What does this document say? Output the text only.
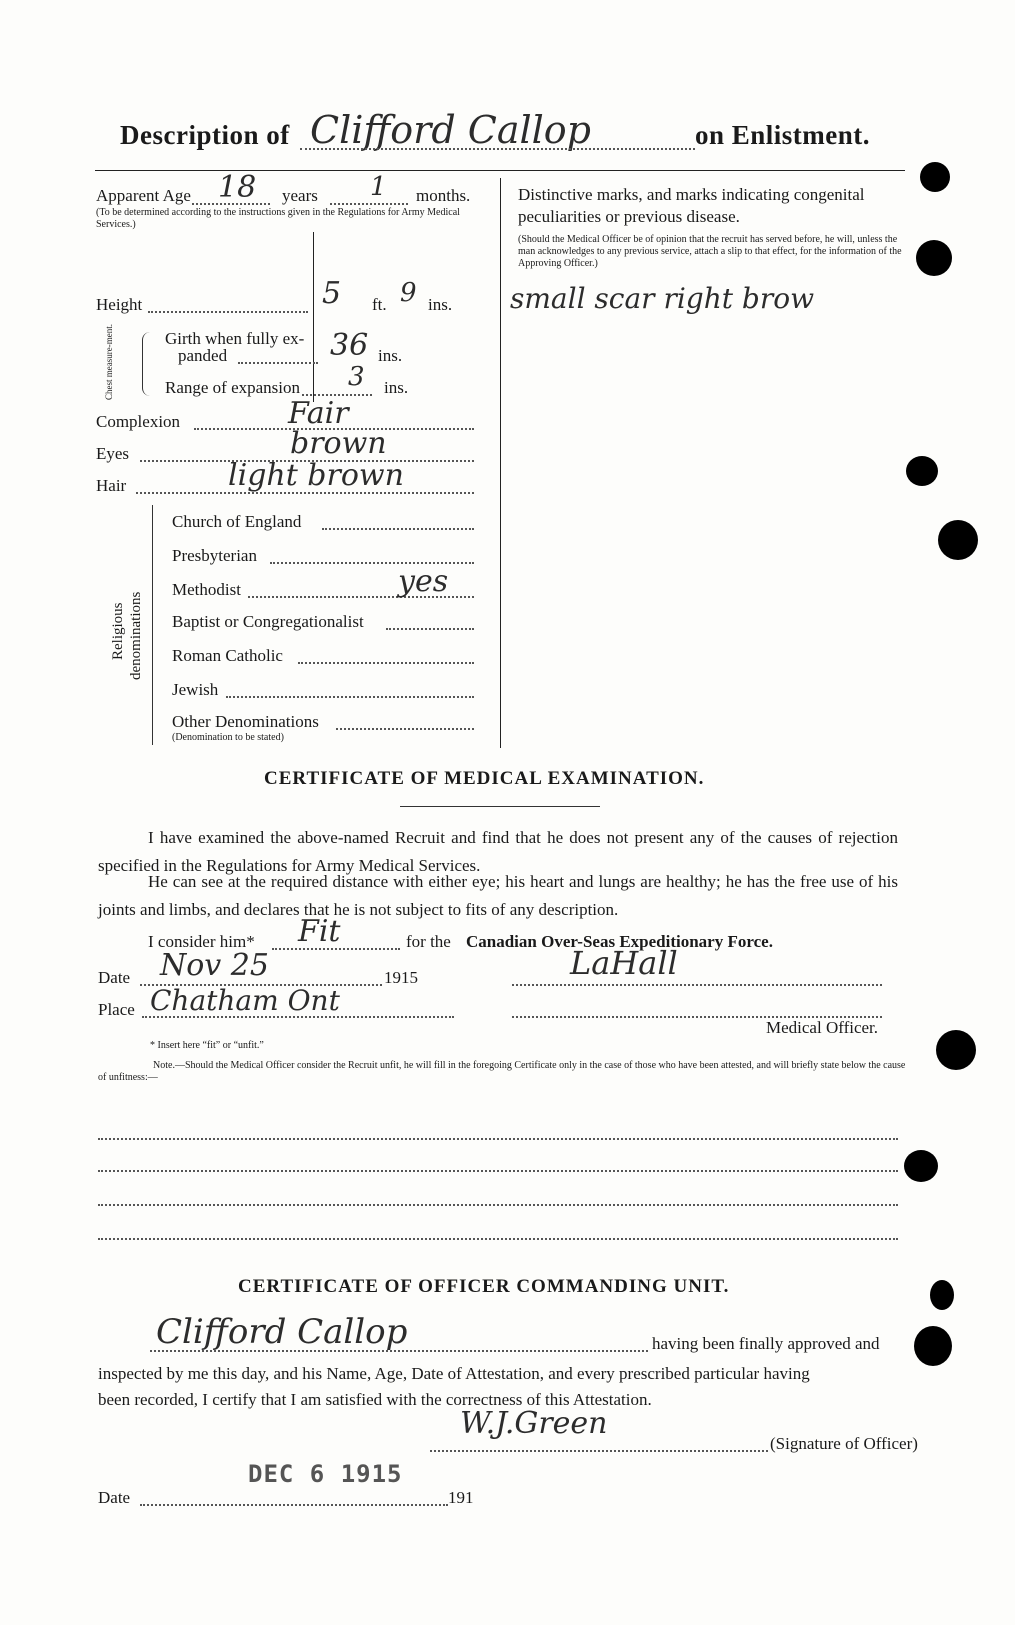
Description of Clifford Callop	on Enlistment.
Apparent Age 18 years 1 months.
(To be determined according to the instructions given in the Regulations for Army Medical Services.)
Height	5 ft. 9 ins.
Chest measure-ment.	Girth when fully ex-
panded	36 ins.
Range of expansion 3 ins.
Complexion	Fair
Eyes	brown
Hair	light brown
Religious denominations
Church of England
Presbyterian
Methodist	yes
Baptist or Congregationalist
Roman Catholic
Jewish
Other Denominations
(Denomination to be stated)
Distinctive marks, and marks indicating congenital peculiarities or previous disease.
(Should the Medical Officer be of opinion that the recruit has served before, he will, unless the man acknowledges to any previous service, attach a slip to that effect, for the information of the Approving Officer.)
small scar right brow
CERTIFICATE OF MEDICAL EXAMINATION.
I have examined the above-named Recruit and find that he does not present any of the causes of rejection specified in the Regulations for Army Medical Services.
He can see at the required distance with either eye; his heart and lungs are healthy; he has the free use of his joints and limbs, and declares that he is not subject to fits of any description.
I consider him* Fit	for the Canadian Over-Seas Expeditionary Force.
Date Nov 25	1915	LaHall
Place Chatham Ont
Medical Officer.
* Insert here “fit” or “unfit.”
Note.—Should the Medical Officer consider the Recruit unfit, he will fill in the foregoing Certificate only in the case of those who have been attested, and will briefly state below the cause of unfitness:—
CERTIFICATE OF OFFICER COMMANDING UNIT.
Clifford Callop	having been finally approved and
inspected by me this day, and his Name, Age, Date of Attestation, and every prescribed particular having
been recorded, I certify that I am satisfied with the correctness of this Attestation.
W.J.Green
(Signature of Officer)
DEC 6 1915
Date	191
